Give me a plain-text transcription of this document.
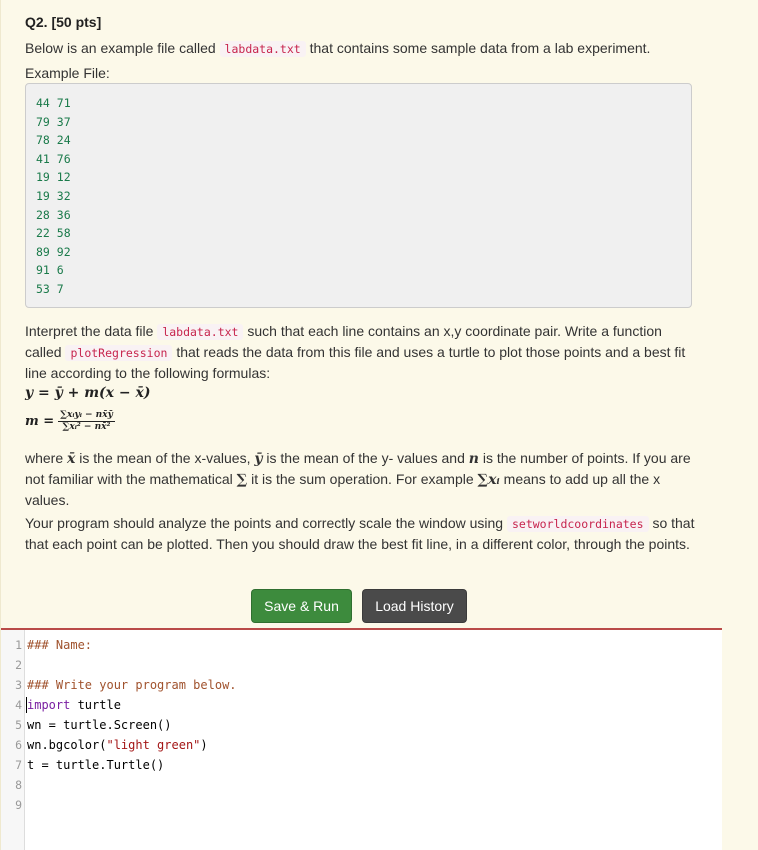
Q2. [50 pts]
Below is an example file called labdata.txt that contains some sample data from a lab experiment.
Example File:
44 71
79 37
78 24
41 76
19 12
19 32
28 36
22 58
89 92
91 6
53 7
Interpret the data file labdata.txt such that each line contains an x,y coordinate pair. Write a function called plotRegression that reads the data from this file and uses a turtle to plot those points and a best fit line according to the following formulas:
y = ȳ + m(x − x̄)
$m = \frac{\text{∑xᵢyᵢ − nx̄ȳ}}{\text{∑xᵢ² − nx̄²}}$
where x̄ is the mean of the x-values, ȳ is the mean of the y- values and n is the number of points. If you are not familiar with the mathematical ∑ it is the sum operation. For example ∑xᵢ means to add up all the x values.
Your program should analyze the points and correctly scale the window using setworldcoordinates so that that each point can be plotted. Then you should draw the best fit line, in a different color, through the points.
Save & Run	Load History
1 ### Name:
2
3 ### Write your program below.
4 import turtle
5 wn = turtle.Screen()
6 wn.bgcolor("light green")
7 t = turtle.Turtle()
8
9
